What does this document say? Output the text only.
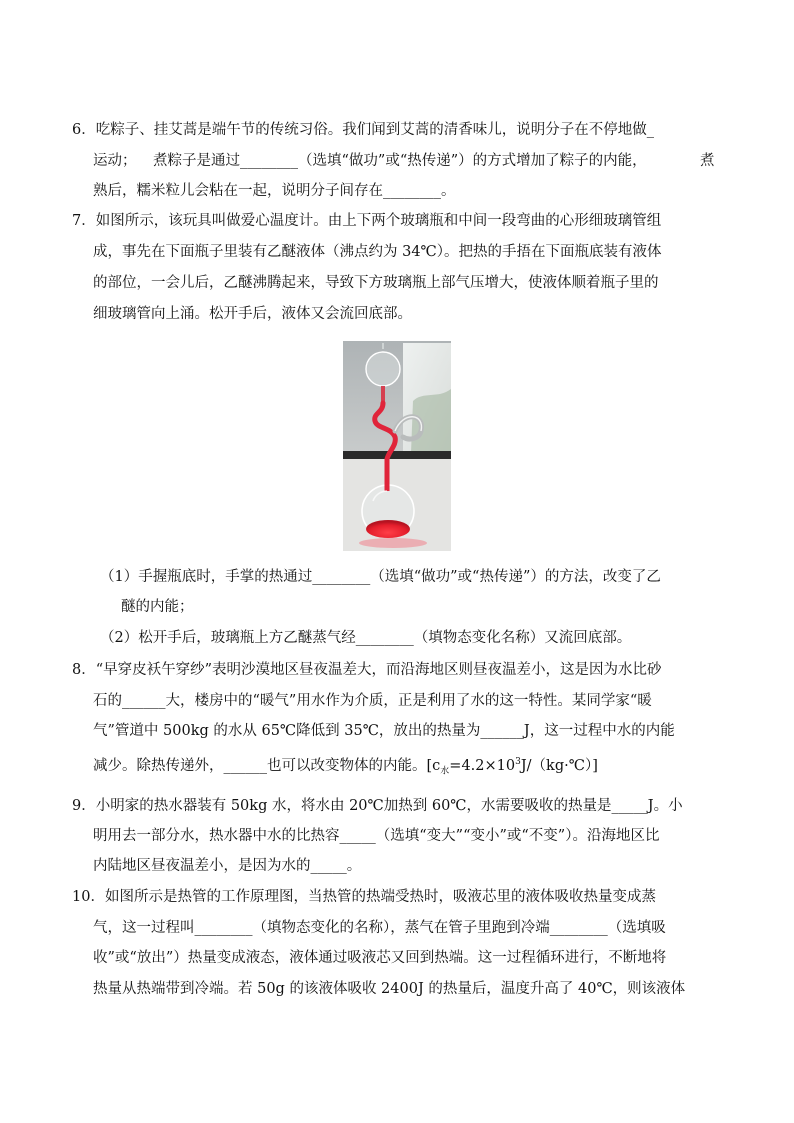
6．吃粽子、挂艾蒿是端午节的传统习俗。我们闻到艾蒿的清香味儿，说明分子在不停地做_
运动； 煮粽子是通过________（选填“做功”或“热传递”）的方式增加了粽子的内能，	煮
熟后，糯米粒儿会粘在一起，说明分子间存在________。
7．如图所示，该玩具叫做爱心温度计。由上下两个玻璃瓶和中间一段弯曲的心形细玻璃管组
成，事先在下面瓶子里装有乙醚液体（沸点约为 34℃）。把热的手捂在下面瓶底装有液体
的部位，一会儿后，乙醚沸腾起来，导致下方玻璃瓶上部气压增大，使液体顺着瓶子里的
细玻璃管向上涌。松开手后，液体又会流回底部。
（1）手握瓶底时，手掌的热通过________（选填“做功”或“热传递”）的方法，改变了乙
醚的内能；
（2）松开手后，玻璃瓶上方乙醚蒸气经________（填物态变化名称）又流回底部。
8．“早穿皮袄午穿纱”表明沙漠地区昼夜温差大，而沿海地区则昼夜温差小，这是因为水比砂
石的______大，楼房中的“暖气”用水作为介质，正是利用了水的这一特性。某同学家“暖
气”管道中 500kg 的水从 65℃降低到 35℃，放出的热量为______J，这一过程中水的内能
减少。除热传递外，______也可以改变物体的内能。$[c_水=4.2\times 10^3J/(kg\cdot℃)]$
9．小明家的热水器装有 50kg 水，将水由 20℃加热到 60℃，水需要吸收的热量是_____J。小
明用去一部分水，热水器中水的比热容_____（选填“变大”“变小”或“不变”）。沿海地区比
内陆地区昼夜温差小，是因为水的_____。
10．如图所示是热管的工作原理图，当热管的热端受热时，吸液芯里的液体吸收热量变成蒸
气，这一过程叫________（填物态变化的名称），蒸气在管子里跑到冷端________（选填吸
收”或“放出”）热量变成液态，液体通过吸液芯又回到热端。这一过程循环进行，不断地将
热量从热端带到冷端。若 50g 的该液体吸收 2400J 的热量后，温度升高了 40℃，则该液体
